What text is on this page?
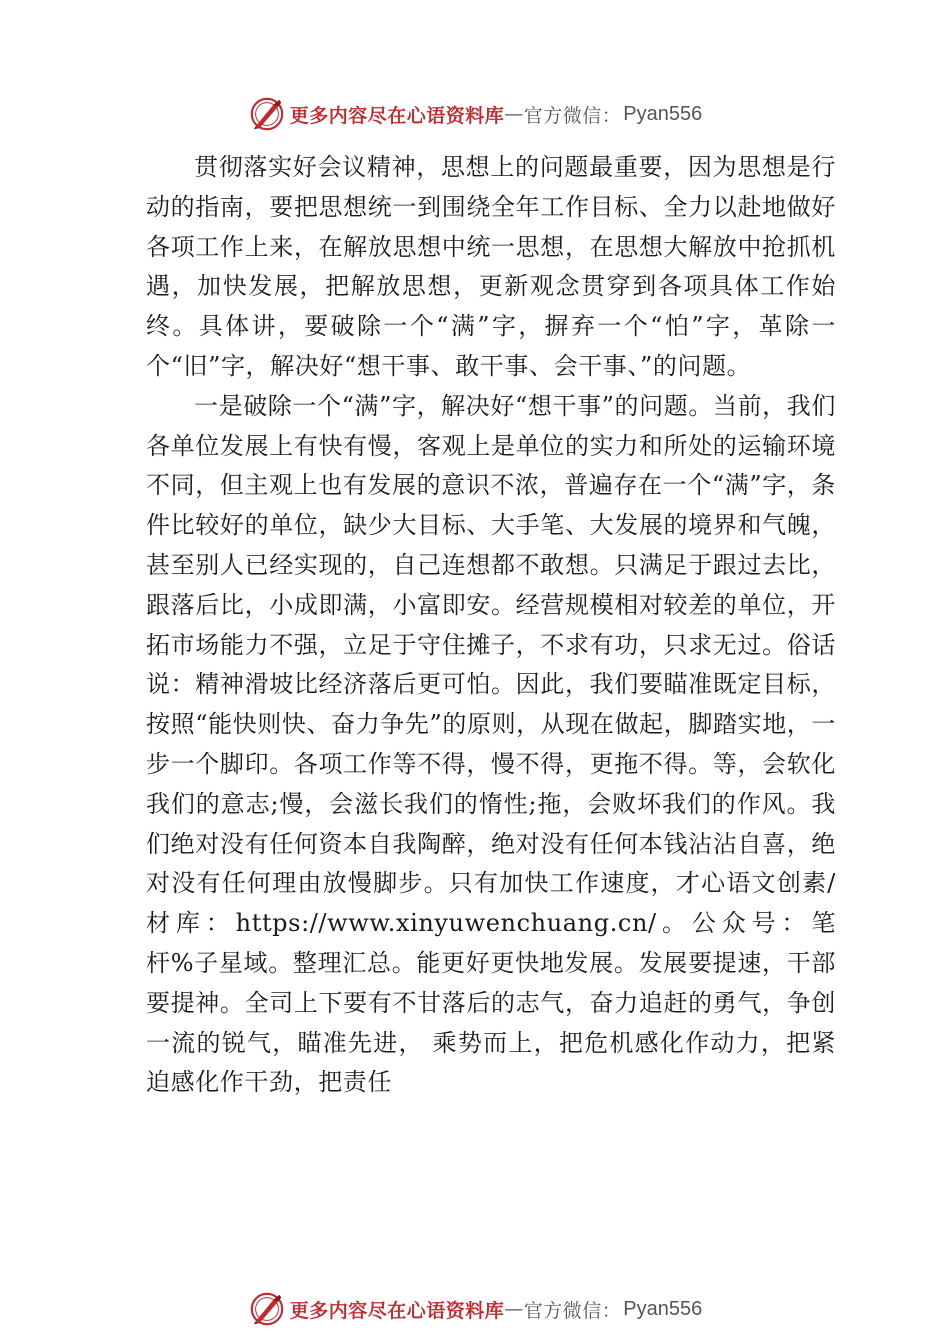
更多内容尽在心语资料库 — 官方微信： Pyan556

贯彻落实好会议精神，思想上的问题最重要，因为思想是行动的指南，要把思想统一到围绕全年工作目标、全力以赴地做好各项工作上来，在解放思想中统一思想，在思想大解放中抢抓机遇，加快发展，把解放思想，更新观念贯穿到各项具体工作始终。具体讲，要破除一个“满”字，摒弃一个“怕”字，革除一个“旧”字，解决好“想干事、敢干事、会干事、”的问题。

一是破除一个“满”字，解决好“想干事”的问题。当前，我们各单位发展上有快有慢，客观上是单位的实力和所处的运输环境不同，但主观上也有发展的意识不浓，普遍存在一个“满”字，条件比较好的单位，缺少大目标、大手笔、大发展的境界和气魄，甚至别人已经实现的，自己连想都不敢想。只满足于跟过去比，跟落后比，小成即满，小富即安。经营规模相对较差的单位，开拓市场能力不强，立足于守住摊子，不求有功，只求无过。俗话说：精神滑坡比经济落后更可怕。因此，我们要瞄准既定目标，按照“能快则快、奋力争先”的原则，从现在做起，脚踏实地，一步一个脚印。各项工作等不得，慢不得，更拖不得。等，会软化我们的意志;慢，会滋长我们的惰性;拖，会败坏我们的作风。我们绝对没有任何资本自我陶醉，绝对没有任何本钱沾沾自喜，绝对没有任何理由放慢脚步。只有加快工作速度，才心语文创素/材库：https://www.xinyuwenchuang.cn/。公众号：笔杆%子星域。整理汇总。能更好更快地发展。发展要提速，干部要提神。全司上下要有不甘落后的志气，奋力追赶的勇气，争创一流的锐气，瞄准先进， 乘势而上，把危机感化作动力，把紧迫感化作干劲，把责任

更多内容尽在心语资料库 — 官方微信： Pyan556
